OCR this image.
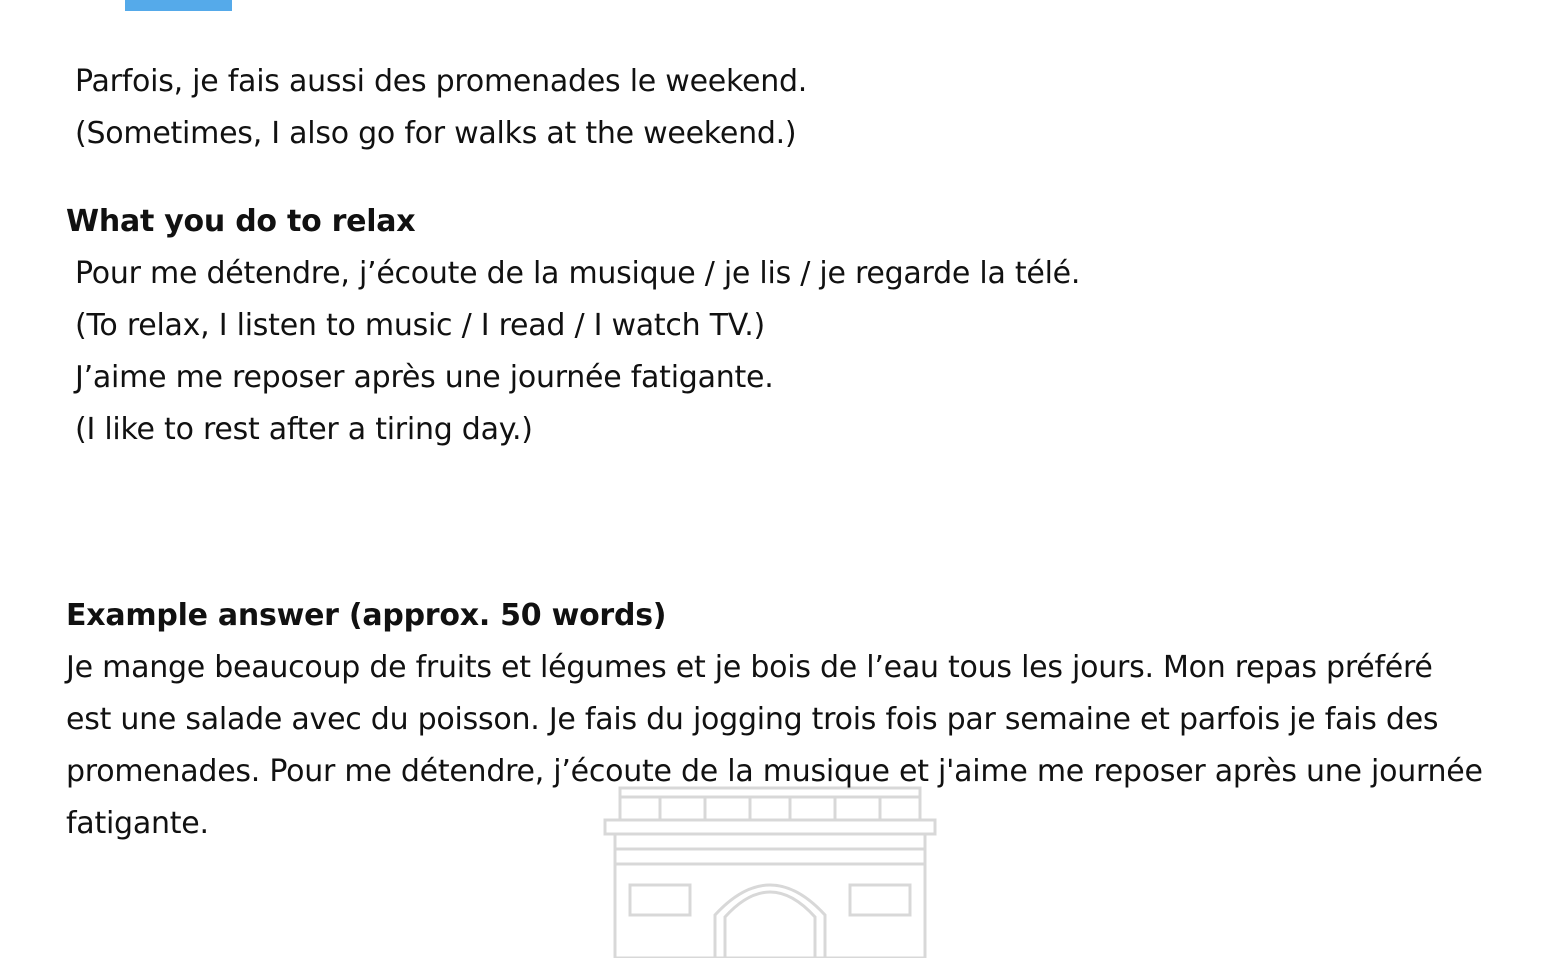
Parfois, je fais aussi des promenades le weekend.
(Sometimes, I also go for walks at the weekend.)
What you do to relax
Pour me détendre, j’écoute de la musique / je lis / je regarde la télé.
(To relax, I listen to music / I read / I watch TV.)
J’aime me reposer après une journée fatigante.
(I like to rest after a tiring day.)
Example answer (approx. 50 words)
Je mange beaucoup de fruits et légumes et je bois de l’eau tous les jours. Mon repas préféré est une salade avec du poisson. Je fais du jogging trois fois par semaine et parfois je fais des promenades. Pour me détendre, j’écoute de la musique et j'aime me reposer après une journée fatigante.
